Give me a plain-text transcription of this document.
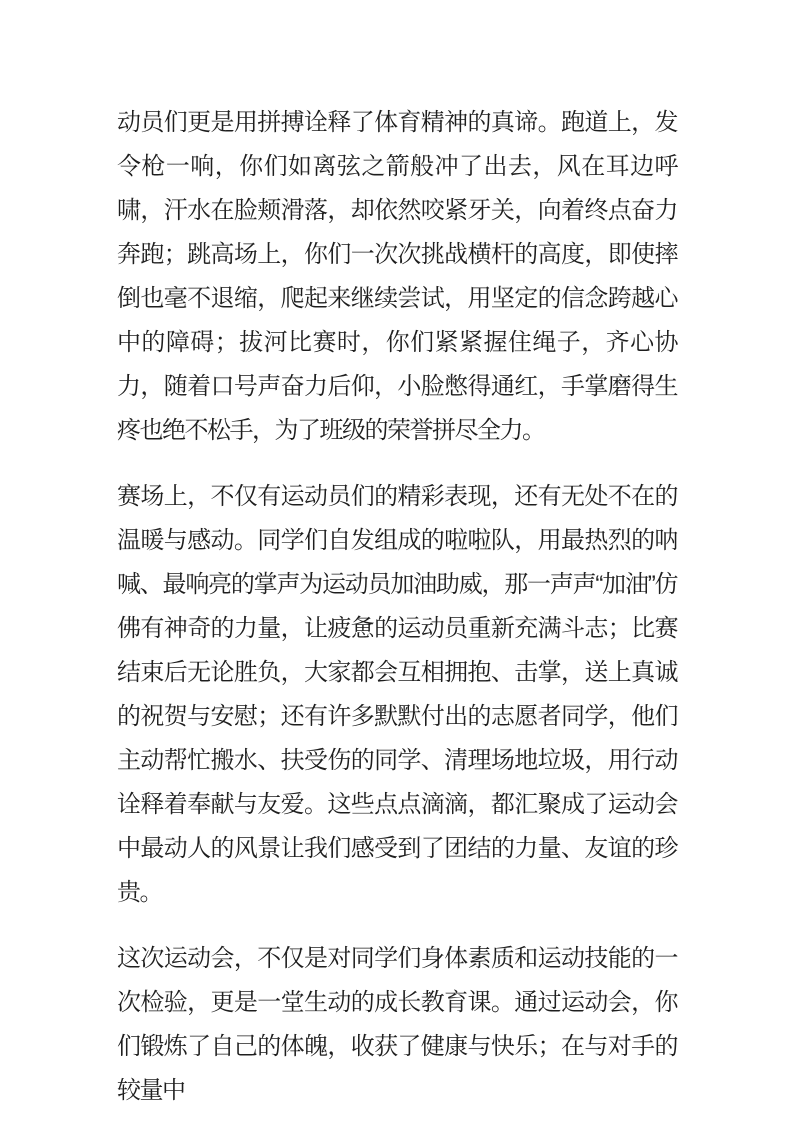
动员们更是用拼搏诠释了体育精神的真谛。跑道上，发令枪一响，你们如离弦之箭般冲了出去，风在耳边呼啸，汗水在脸颊滑落，却依然咬紧牙关，向着终点奋力奔跑；跳高场上，你们一次次挑战横杆的高度，即使摔倒也毫不退缩，爬起来继续尝试，用坚定的信念跨越心中的障碍；拔河比赛时，你们紧紧握住绳子，齐心协力，随着口号声奋力后仰，小脸憋得通红，手掌磨得生疼也绝不松手，为了班级的荣誉拼尽全力。

赛场上，不仅有运动员们的精彩表现，还有无处不在的温暖与感动。同学们自发组成的啦啦队，用最热烈的呐喊、最响亮的掌声为运动员加油助威，那一声声“加油”仿佛有神奇的力量，让疲惫的运动员重新充满斗志；比赛结束后无论胜负，大家都会互相拥抱、击掌，送上真诚的祝贺与安慰；还有许多默默付出的志愿者同学，他们主动帮忙搬水、扶受伤的同学、清理场地垃圾，用行动诠释着奉献与友爱。这些点点滴滴，都汇聚成了运动会中最动人的风景让我们感受到了团结的力量、友谊的珍贵。

这次运动会，不仅是对同学们身体素质和运动技能的一次检验，更是一堂生动的成长教育课。通过运动会，你们锻炼了自己的体魄，收获了健康与快乐；在与对手的较量中
